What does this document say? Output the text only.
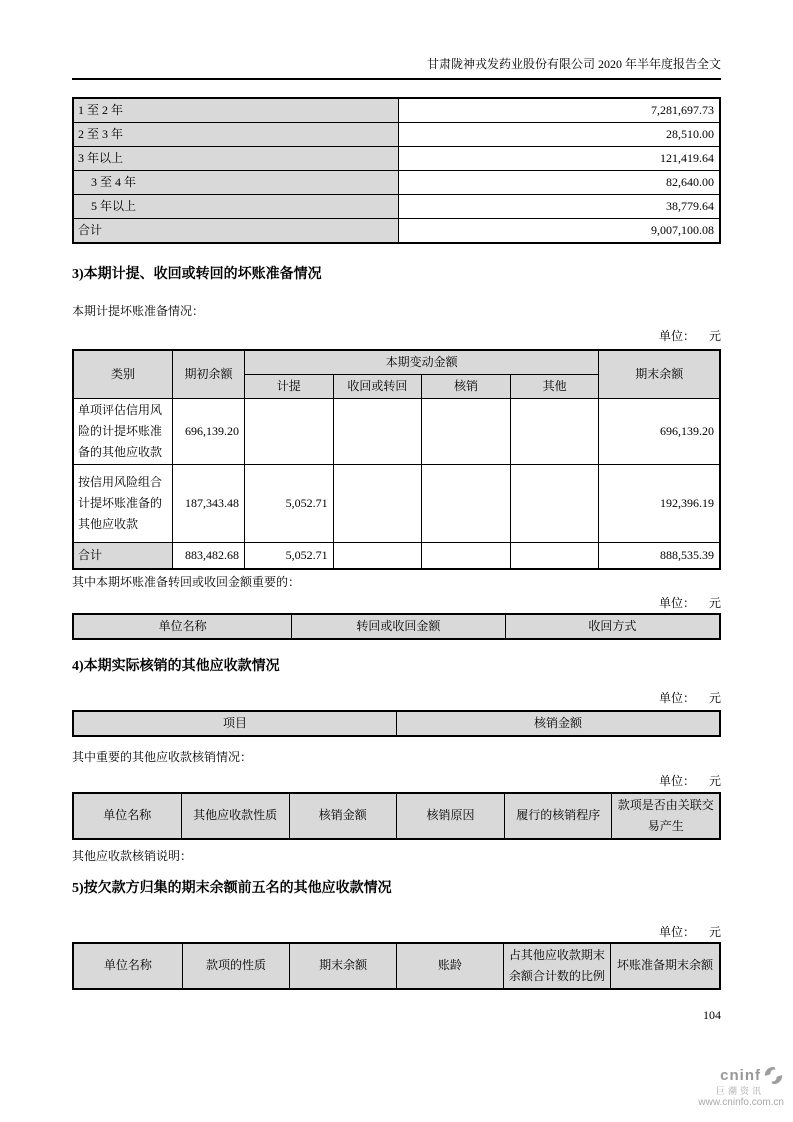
甘肃陇神戎发药业股份有限公司 2020 年半年度报告全文
1 至 2 年	7,281,697.73
2 至 3 年	28,510.00
3 年以上	121,419.64
3 至 4 年	82,640.00
5 年以上	38,779.64
合计	9,007,100.08
3)本期计提、收回或转回的坏账准备情况
本期计提坏账准备情况：
单位： 元
类别	期初余额	本期变动金额				期末余额
		计提	收回或转回	核销	其他	
单项评估信用风险的计提坏账准备的其他应收款	696,139.20					696,139.20
按信用风险组合计提坏账准备的其他应收款	187,343.48	5,052.71				192,396.19
合计	883,482.68	5,052.71				888,535.39
其中本期坏账准备转回或收回金额重要的：
单位： 元
单位名称	转回或收回金额	收回方式
4)本期实际核销的其他应收款情况
单位： 元
项目	核销金额
其中重要的其他应收款核销情况：
单位： 元
单位名称	其他应收款性质	核销金额	核销原因	履行的核销程序	款项是否由关联交易产生
其他应收款核销说明：
5)按欠款方归集的期末余额前五名的其他应收款情况
单位： 元
单位名称	款项的性质	期末余额	账龄	占其他应收款期末余额合计数的比例	坏账准备期末余额
104
cninf
巨潮资讯
www.cninfo.com.cn
